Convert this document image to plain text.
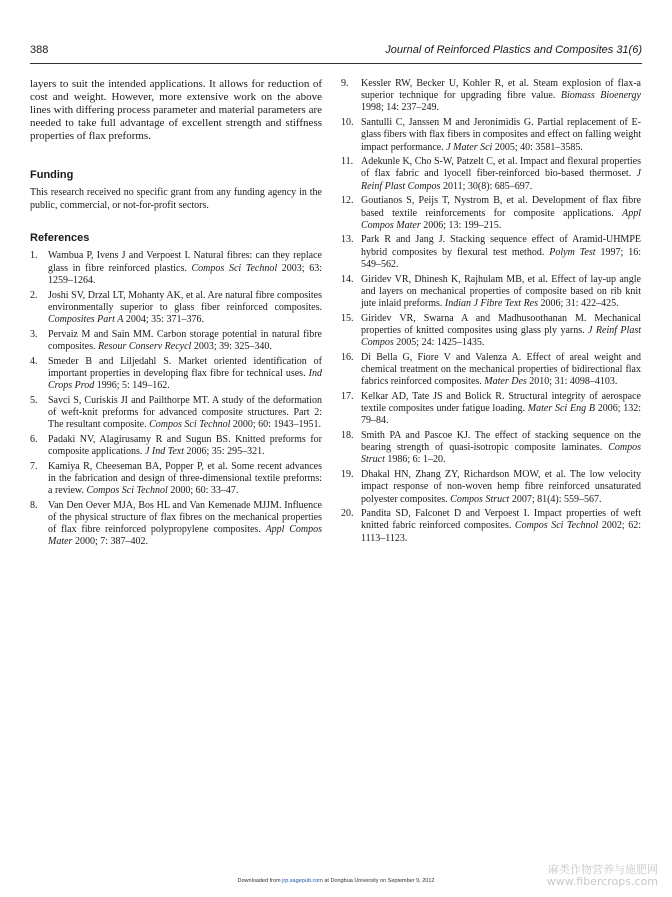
388	Journal of Reinforced Plastics and Composites 31(6)

layers to suit the intended applications. It allows for reduction of cost and weight. However, more extensive work on the above lines with differing process parameter and material parameters are needed to take full advantage of excellent strength and stiffness properties of flax preforms.

Funding

This research received no specific grant from any funding agency in the public, commercial, or not-for-profit sectors.

References
1.	Wambua P, Ivens J and Verpoest I. Natural fibres: can they replace glass in fibre reinforced plastics. Compos Sci Technol 2003; 63: 1259–1264.

2.	Joshi SV, Drzal LT, Mohanty AK, et al. Are natural fibre composites environmentally superior to glass fiber reinforced composites. Composites Part A 2004; 35: 371–376.

3.	Pervaiz M and Sain MM. Carbon storage potential in natural fibre composites. Resour Conserv Recycl 2003; 39: 325–340.

4.	Smeder B and Liljedahl S. Market oriented identification of important properties in developing flax fibre for technical uses. Ind Crops Prod 1996; 5: 149–162.

5.	Savci S, Curiskis JI and Pailthorpe MT. A study of the deformation of weft-knit preforms for advanced composite structures. Part 2: The resultant composite. Compos Sci Technol 2000; 60: 1943–1951.

6.	Padaki NV, Alagirusamy R and Sugun BS. Knitted preforms for composite applications. J Ind Text 2006; 35: 295–321.

7.	Kamiya R, Cheeseman BA, Popper P, et al. Some recent advances in the fabrication and design of three-dimensional textile preforms: a review. Compos Sci Technol 2000; 60: 33–47.

8.	Van Den Oever MJA, Bos HL and Van Kemenade MJJM. Influence of the physical structure of flax fibres on the mechanical properties of flax fibre reinforced polypropylene composites. Appl Compos Mater 2000; 7: 387–402.

9.	Kessler RW, Becker U, Kohler R, et al. Steam explosion of flax-a superior technique for upgrading fibre value. Biomass Bioenergy 1998; 14: 237–249.

10. Santulli C, Janssen M and Jeronimidis G. Partial replacement of E-glass fibers with flax fibers in composites and effect on falling weight impact performance. J Mater Sci 2005; 40: 3581–3585.

11. Adekunle K, Cho S-W, Patzelt C, et al. Impact and flexural properties of flax fabric and lyocell fiber-reinforced bio-based thermoset. J Reinf Plast Compos 2011; 30(8): 685–697.

12. Goutianos S, Peijs T, Nystrom B, et al. Development of flax fibre based textile reinforcements for composite applications. Appl Compos Mater 2006; 13: 199–215.

13. Park R and Jang J. Stacking sequence effect of Aramid-UHMPE hybrid composites by flexural test method. Polym Test 1997; 16: 549–562.

14. Giridev VR, Dhinesh K, Rajhulam MB, et al. Effect of lay-up angle and layers on mechanical properties of composite based on rib knit jute inlaid preforms. Indian J Fibre Text Res 2006; 31: 422–425.

15. Giridev VR, Swarna A and Madhusoothanan M. Mechanical properties of knitted composites using glass ply yarns. J Reinf Plast Compos 2005; 24: 1425–1435.

16. Di Bella G, Fiore V and Valenza A. Effect of areal weight and chemical treatment on the mechanical properties of bidirectional flax fabrics reinforced composites. Mater Des 2010; 31: 4098–4103.

17. Kelkar AD, Tate JS and Bolick R. Structural integrity of aerospace textile composites under fatigue loading. Mater Sci Eng B 2006; 132: 79–84.

18. Smith PA and Pascoe KJ. The effect of stacking sequence on the bearing strength of quasi-isotropic composite laminates. Compos Struct 1986; 6: 1–20.

19. Dhakal HN, Zhang ZY, Richardson MOW, et al. The low velocity impact response of non-woven hemp fibre reinforced unsaturated polyester composites. Compos Struct 2007; 81(4): 559–567.

20. Pandita SD, Falconet D and Verpoest I. Impact properties of weft knitted fabric reinforced composites. Compos Sci Technol 2002; 62: 1113–1123.

Downloaded from jrp.sagepub.com at Donghua University on September 9, 2012
麻类作物营养与施肥网
www.fibercrops.com
